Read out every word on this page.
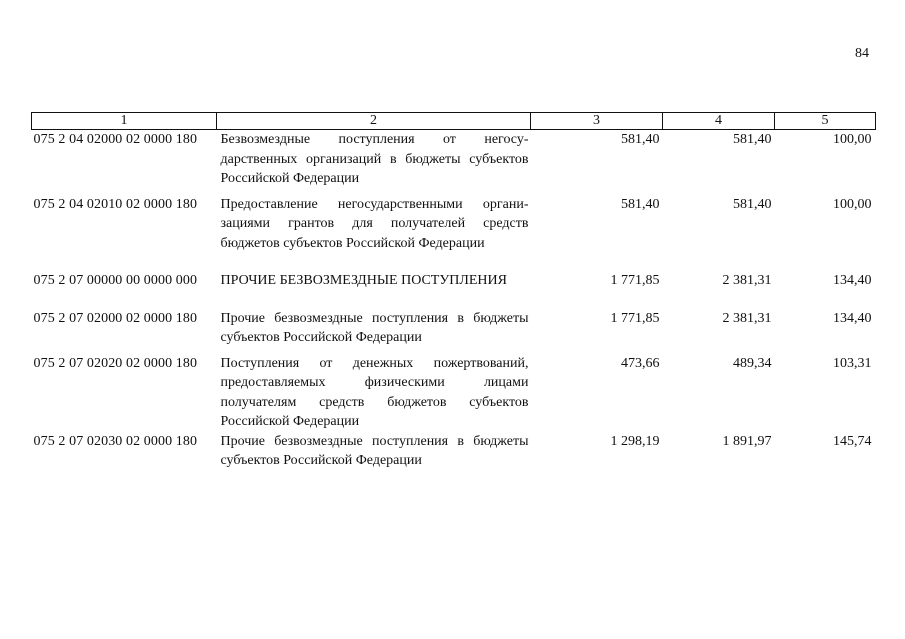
84
1	2	3	4	5
075 2 04 02000 02 0000 180	Безвозмездные поступления от негосу-дарственных организаций в бюджеты субъектов Российской Федерации	581,40	581,40	100,00
075 2 04 02010 02 0000 180	Предоставление негосударственными органи-зациями грантов для получателей средств бюджетов субъектов Российской Федерации	581,40	581,40	100,00
075 2 07 00000 00 0000 000	ПРОЧИЕ БЕЗВОЗМЕЗДНЫЕ ПОСТУПЛЕНИЯ	1 771,85	2 381,31	134,40
075 2 07 02000 02 0000 180	Прочие безвозмездные поступления в бюджеты субъектов Российской Федерации	1 771,85	2 381,31	134,40
075 2 07 02020 02 0000 180	Поступления от денежных пожертвований, предоставляемых физическими лицами получателям средств бюджетов субъектов Российской Федерации	473,66	489,34	103,31
075 2 07 02030 02 0000 180	Прочие безвозмездные поступления в бюджеты субъектов Российской Федерации	1 298,19	1 891,97	145,74
